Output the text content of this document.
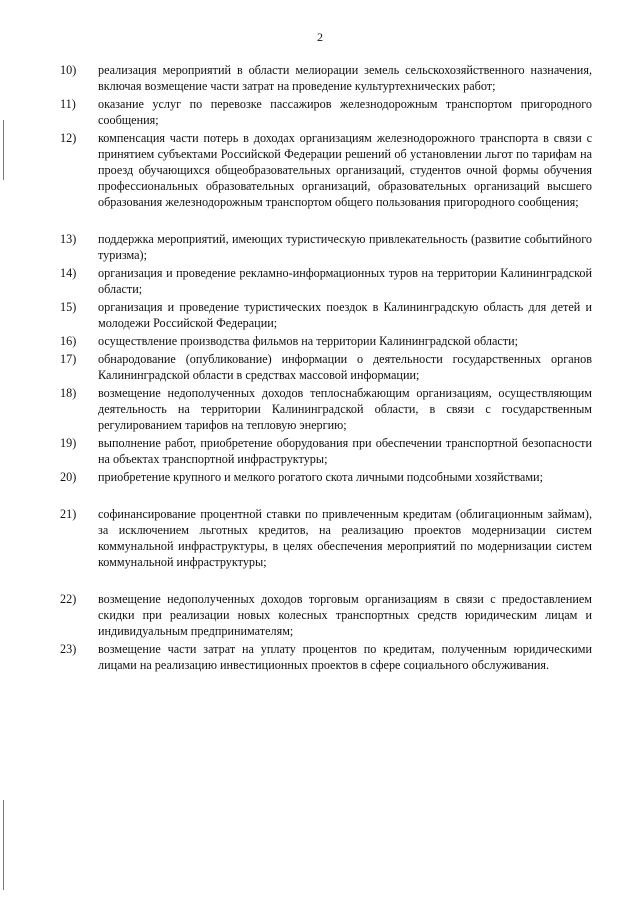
2
10)	реализация мероприятий в области мелиорации земель сельскохозяйственного назначения, включая возмещение части затрат на проведение культуртехнических работ;
11)	оказание услуг по перевозке пассажиров железнодорожным транспортом пригородного сообщения;
12)	компенсация части потерь в доходах организациям железнодорожного транспорта в связи с принятием субъектами Российской Федерации решений об установлении льгот по тарифам на проезд обучающихся общеобразовательных организаций, студентов очной формы обучения профессиональных образовательных организаций, образовательных организаций высшего образования железнодорожным транспортом общего пользования пригородного сообщения;
13)	поддержка мероприятий, имеющих туристическую привлекательность (развитие событийного туризма);
14)	организация и проведение рекламно-информационных туров на территории Калининградской области;
15)	организация и проведение туристических поездок в Калининградскую область для детей и молодежи Российской Федерации;
16)	осуществление производства фильмов на территории Калининградской области;
17)	обнародование (опубликование) информации о деятельности государственных органов Калининградской области в средствах массовой информации;
18)	возмещение недополученных доходов теплоснабжающим организациям, осуществляющим деятельность на территории Калининградской области, в связи с государственным регулированием тарифов на тепловую энергию;
19)	выполнение работ, приобретение оборудования при обеспечении транспортной безопасности на объектах транспортной инфраструктуры;
20)	приобретение крупного и мелкого рогатого скота личными подсобными хозяйствами;
21)	софинансирование процентной ставки по привлеченным кредитам (облигационным займам), за исключением льготных кредитов, на реализацию проектов модернизации систем коммунальной инфраструктуры, в целях обеспечения мероприятий по модернизации систем коммунальной инфраструктуры;
22)	возмещение недополученных доходов торговым организациям в связи с предоставлением скидки при реализации новых колесных транспортных средств юридическим лицам и индивидуальным предпринимателям;
23)	возмещение части затрат на уплату процентов по кредитам, полученным юридическими лицами на реализацию инвестиционных проектов в сфере социального обслуживания.
